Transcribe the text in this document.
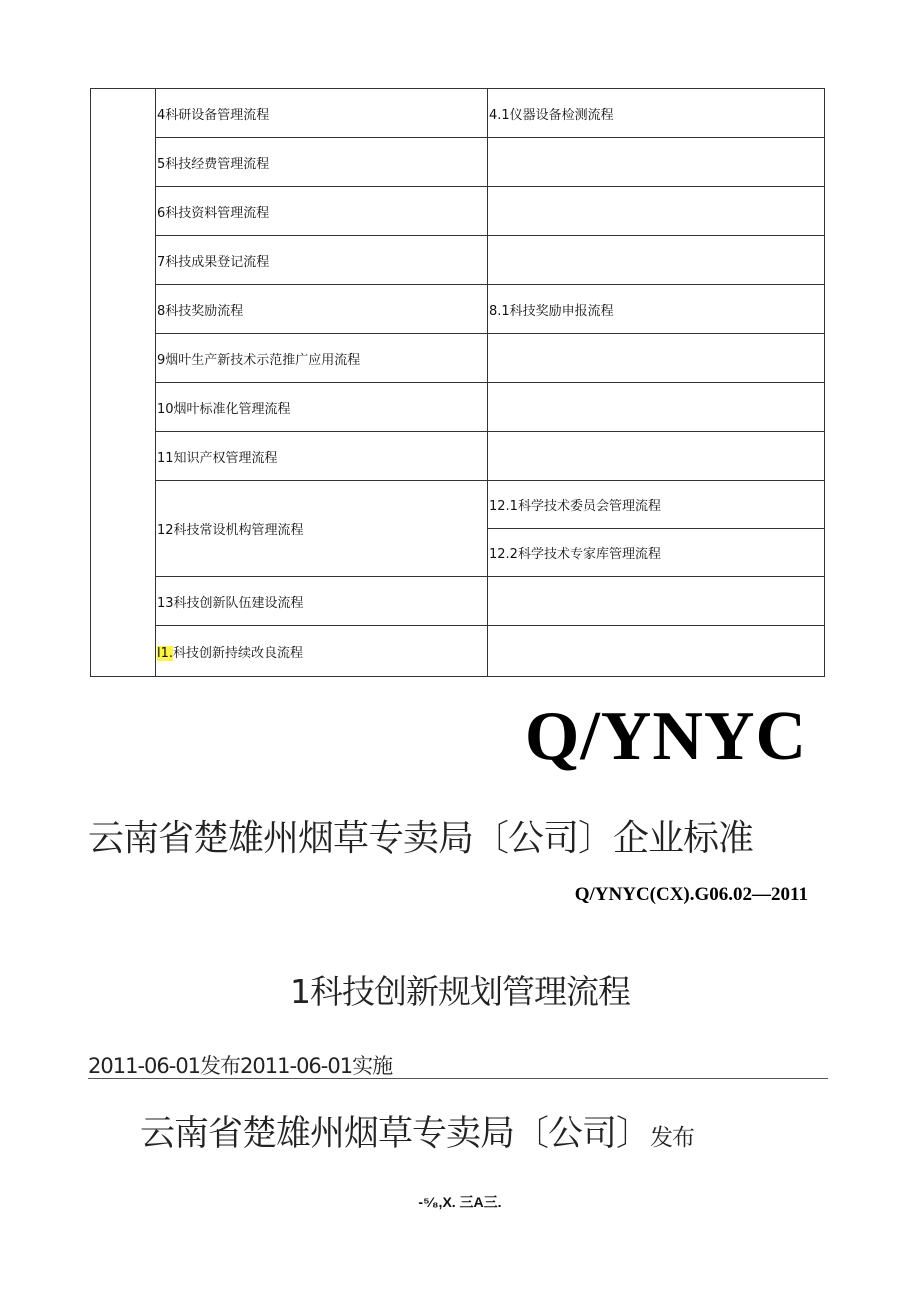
	4科研设备管理流程	4.1仪器设备检测流程
	5科技经费管理流程	
	6科技资料管理流程	
	7科技成果登记流程	
	8科技奖励流程	8.1科技奖励申报流程
	9烟叶生产新技术示范推广应用流程	
	10烟叶标准化管理流程	
	11知识产权管理流程	
	12科技常设机构管理流程	12.1科学技术委员会管理流程
		12.2科学技术专家库管理流程
	13科技创新队伍建设流程	
	l1.科技创新持续改良流程	
Q/YNYC
云南省楚雄州烟草专卖局〔公司〕企业标准
Q/YNYC(CX).G06.02—2011
1科技创新规划管理流程
2011-06-01发布2011-06-01实施
云南省楚雄州烟草专卖局〔公司〕发布
-⁵⁄₈,X. 三A三.
